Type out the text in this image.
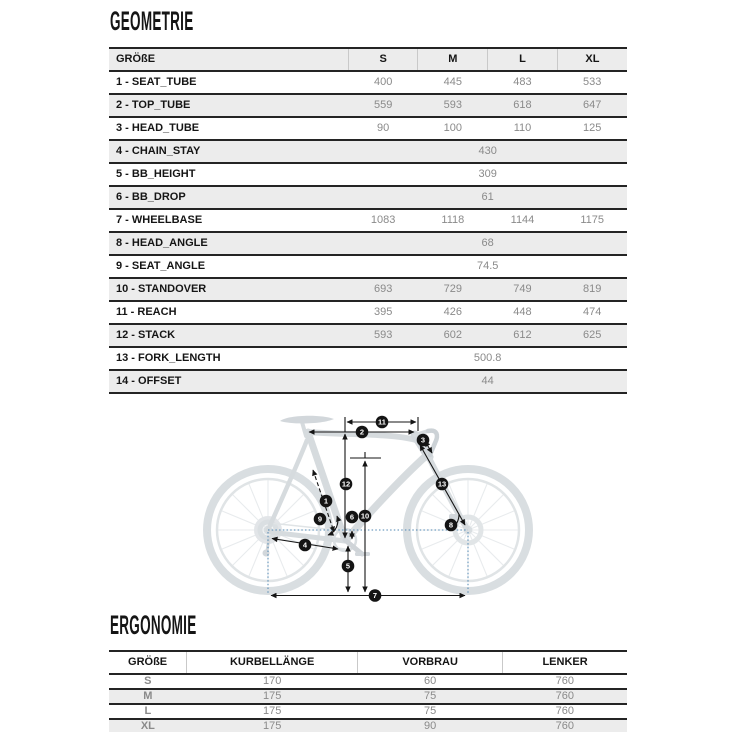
GEOMETRIE
GRÖßE	S	M	L	XL
1 - SEAT_TUBE	400	445	483	533
2 - TOP_TUBE	559	593	618	647
3 - HEAD_TUBE	90	100	110	125
4 - CHAIN_STAY	430			
5 - BB_HEIGHT	309			
6 - BB_DROP	61			
7 - WHEELBASE	1083	1118	1144	1175
8 - HEAD_ANGLE	68			
9 - SEAT_ANGLE	74.5			
10 - STANDOVER	693	729	749	819
11 - REACH	395	426	448	474
12 - STACK	593	602	612	625
13 - FORK_LENGTH	500.8			
14 - OFFSET	44			
1
2
3
4
5
6
7
8
9	10
11
12	13
ERGONOMIE
GRÖßE	KURBELLÄNGE	VORBRAU	LENKER
S	170	60	760
M	175	75	760
L	175	75	760
XL	175	90	760
